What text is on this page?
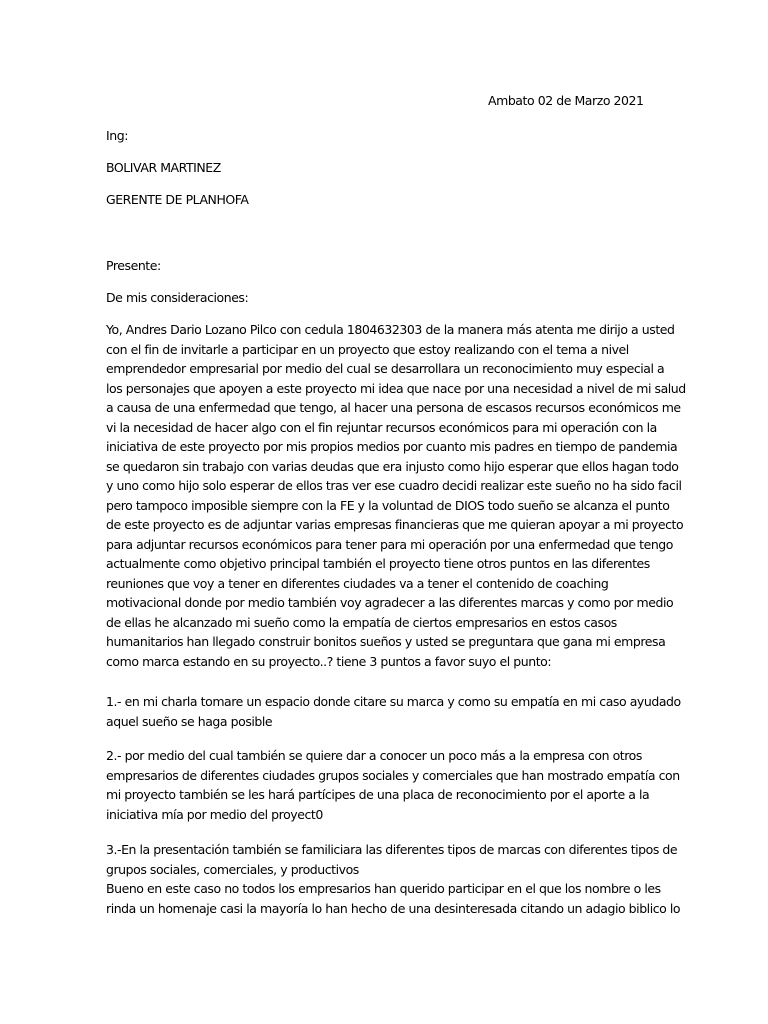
Ambato 02 de Marzo 2021
Ing:
BOLIVAR MARTINEZ
GERENTE DE PLANHOFA
Presente:
De mis consideraciones:
Yo, Andres Dario Lozano Pilco con cedula 1804632303 de la manera más atenta me dirijo a usted
con el fin de invitarle a participar en un proyecto que estoy realizando con el tema a nivel
emprendedor empresarial por medio del cual se desarrollara un reconocimiento muy especial a
los personajes que apoyen a este proyecto mi idea que nace por una necesidad a nivel de mi salud
a causa de una enfermedad que tengo, al hacer una persona de escasos recursos económicos me
vi la necesidad de hacer algo con el fin rejuntar recursos económicos para mi operación con la
iniciativa de este proyecto por mis propios medios por cuanto mis padres en tiempo de pandemia
se quedaron sin trabajo con varias deudas que era injusto como hijo esperar que ellos hagan todo
y uno como hijo solo esperar de ellos tras ver ese cuadro decidi realizar este sueño no ha sido facil
pero tampoco imposible siempre con la FE y la voluntad de DIOS todo sueño se alcanza el punto
de este proyecto es de adjuntar varias empresas financieras que me quieran apoyar a mi proyecto
para adjuntar recursos económicos para tener para mi operación por una enfermedad que tengo
actualmente como objetivo principal también el proyecto tiene otros puntos en las diferentes
reuniones que voy a tener en diferentes ciudades va a tener el contenido de coaching
motivacional donde por medio también voy agradecer a las diferentes marcas y como por medio
de ellas he alcanzado mi sueño como la empatía de ciertos empresarios en estos casos
humanitarios han llegado construir bonitos sueños y usted se preguntara que gana mi empresa
como marca estando en su proyecto..? tiene 3 puntos a favor suyo el punto:
1.- en mi charla tomare un espacio donde citare su marca y como su empatía en mi caso ayudado
aquel sueño se haga posible
2.- por medio del cual también se quiere dar a conocer un poco más a la empresa con otros
empresarios de diferentes ciudades grupos sociales y comerciales que han mostrado empatía con
mi proyecto también se les hará partícipes de una placa de reconocimiento por el aporte a la
iniciativa mía por medio del proyect0
3.-En la presentación también se familiciara las diferentes tipos de marcas con diferentes tipos de
grupos sociales, comerciales, y productivos
Bueno en este caso no todos los empresarios han querido participar en el que los nombre o les
rinda un homenaje casi la mayoría lo han hecho de una desinteresada citando un adagio biblico lo
